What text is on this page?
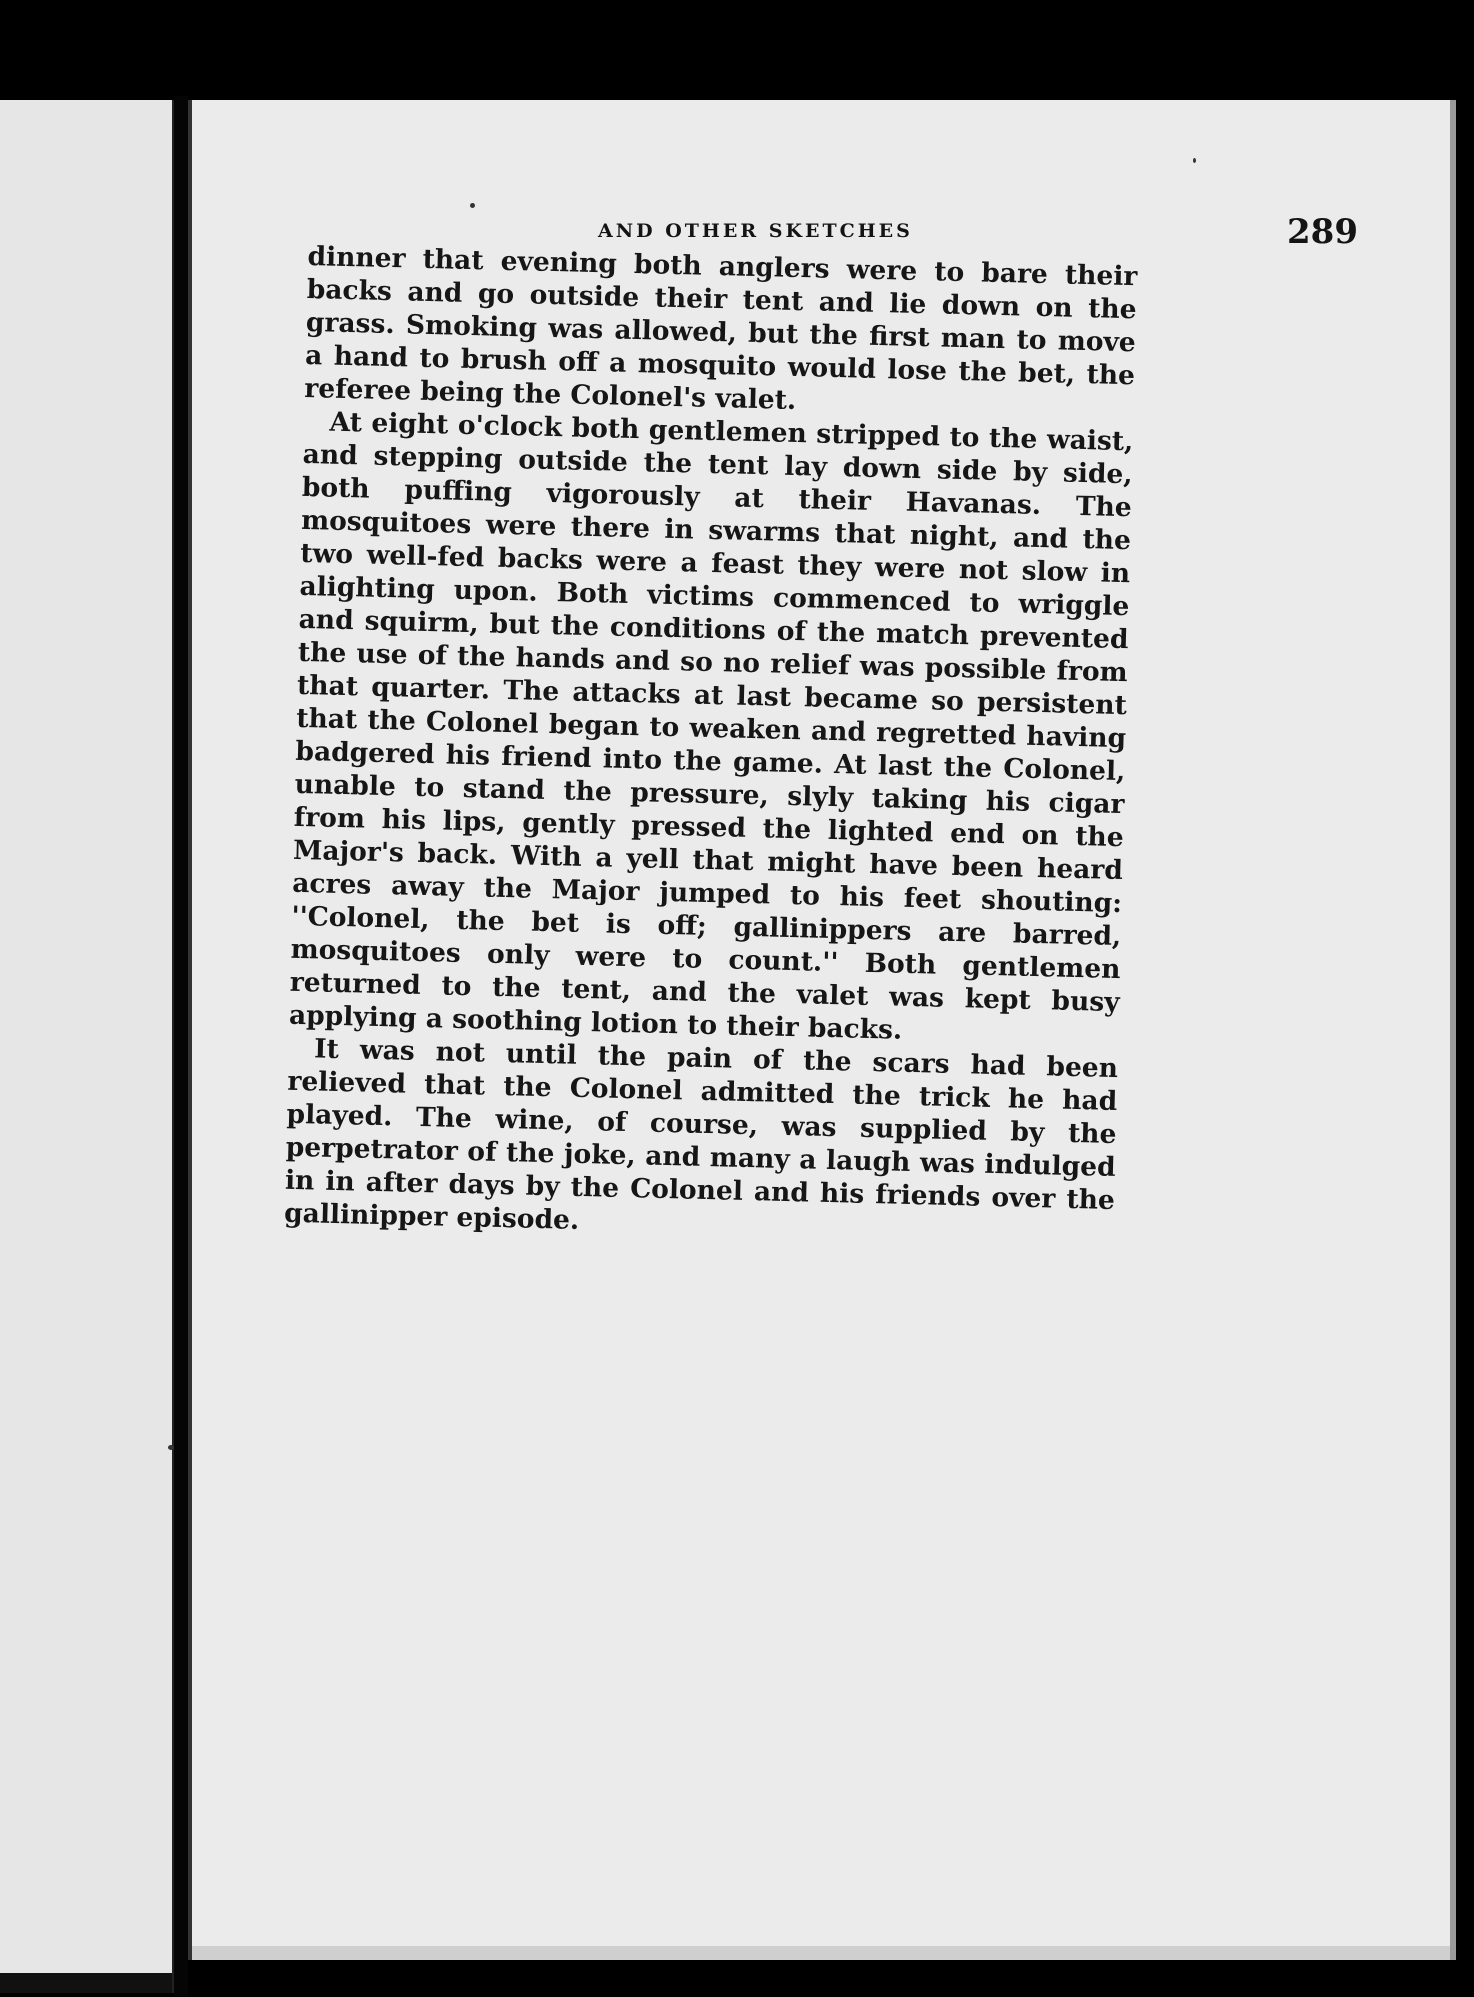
AND OTHER SKETCHES	289

dinner that evening both anglers were to bare their backs and go outside their tent and lie down on the grass. Smoking was allowed, but the first man to move a hand to brush off a mosquito would lose the bet, the referee being the Colonel's valet.

At eight o'clock both gentlemen stripped to the waist, and stepping outside the tent lay down side by side, both puffing vigorously at their Havanas. The mosquitoes were there in swarms that night, and the two well-fed backs were a feast they were not slow in alighting upon. Both victims commenced to wriggle and squirm, but the conditions of the match prevented the use of the hands and so no relief was possible from that quarter. The attacks at last became so persistent that the Colonel began to weaken and regretted having badgered his friend into the game. At last the Colonel, unable to stand the pressure, slyly taking his cigar from his lips, gently pressed the lighted end on the Major's back. With a yell that might have been heard acres away the Major jumped to his feet shouting: ''Colonel, the bet is off; gallinippers are barred, mosquitoes only were to count.'' Both gentlemen returned to the tent, and the valet was kept busy applying a soothing lotion to their backs.

It was not until the pain of the scars had been relieved that the Colonel admitted the trick he had played. The wine, of course, was supplied by the perpetrator of the joke, and many a laugh was indulged in in after days by the Colonel and his friends over the gallinipper episode.
